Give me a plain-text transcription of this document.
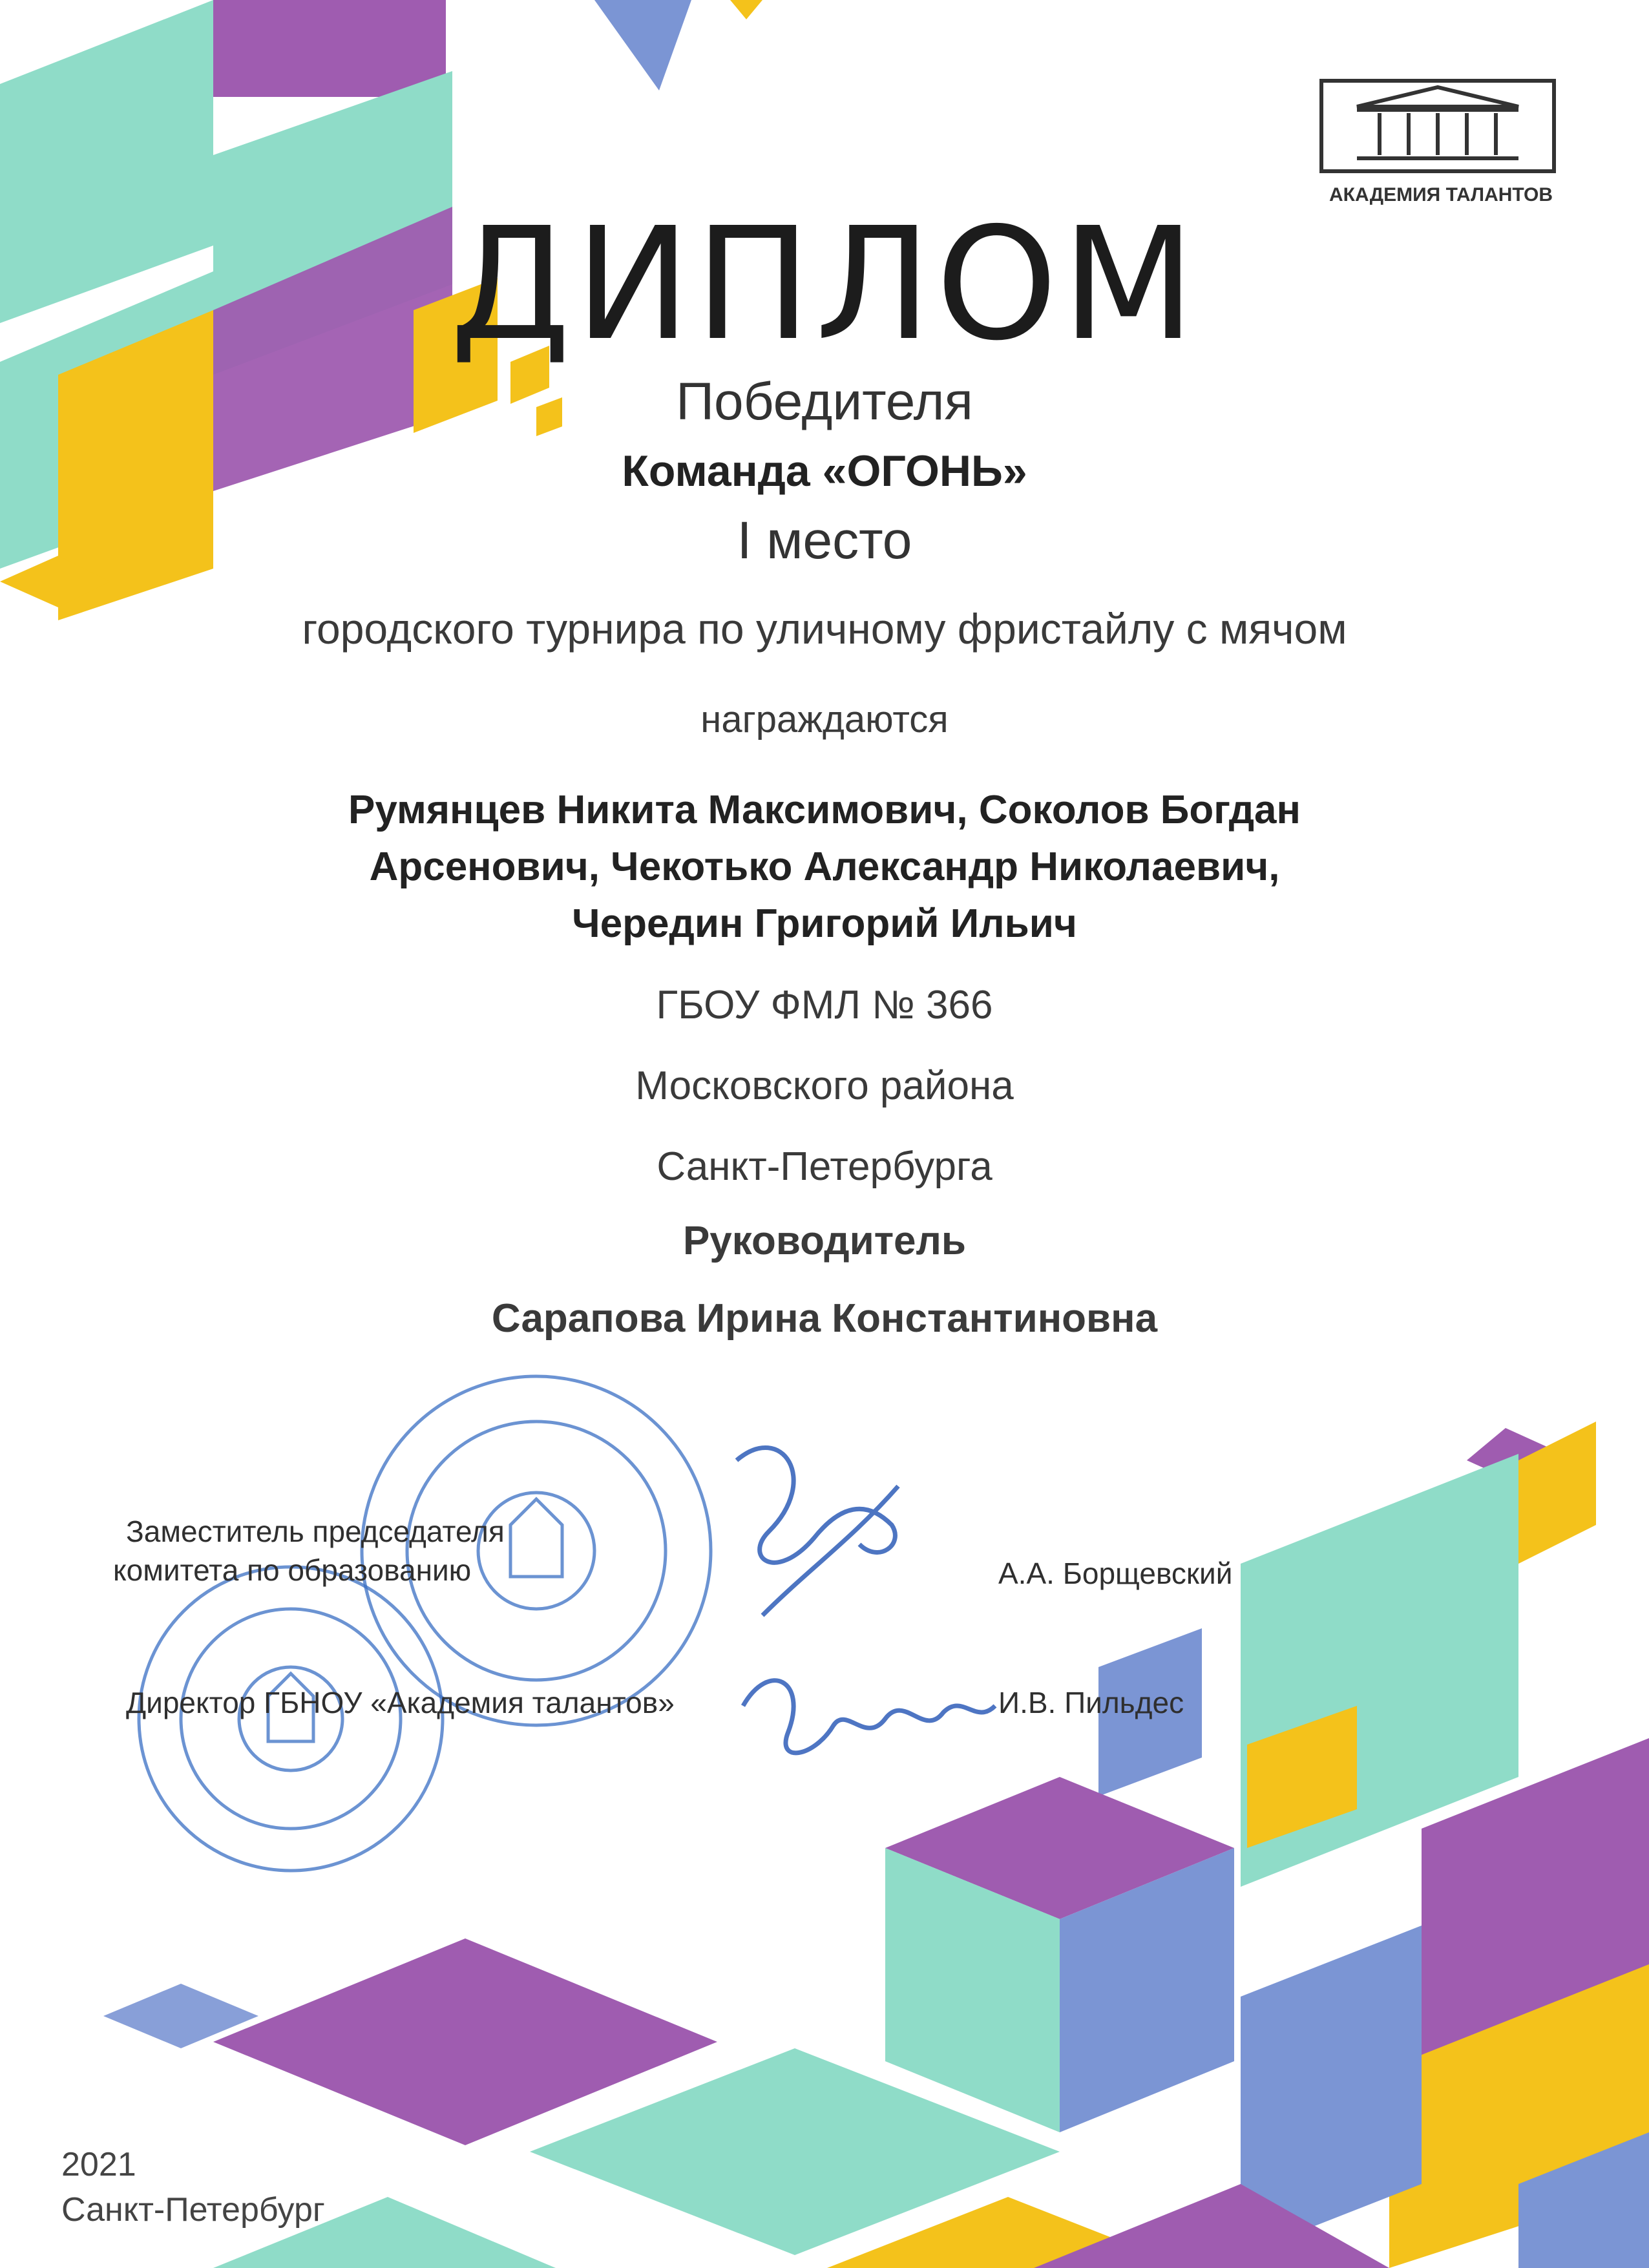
АКАДЕМИЯ ТАЛАНТОВ
ДИПЛОМ
Победителя
Команда «ОГОНЬ»
I место
городского турнира по уличному фристайлу с мячом
награждаются
Румянцев Никита Максимович, Соколов Богдан
Арсенович, Чекотько Александр Николаевич,
Чередин Григорий Ильич
ГБОУ ФМЛ № 366
Московского района
Санкт-Петербурга
Руководитель
Сарапова Ирина Константиновна
Заместитель председателя
комитета по образованию	А.А. Борщевский
Директор ГБНОУ «Академия талантов»	И.В. Пильдес
2021
Санкт-Петербург
